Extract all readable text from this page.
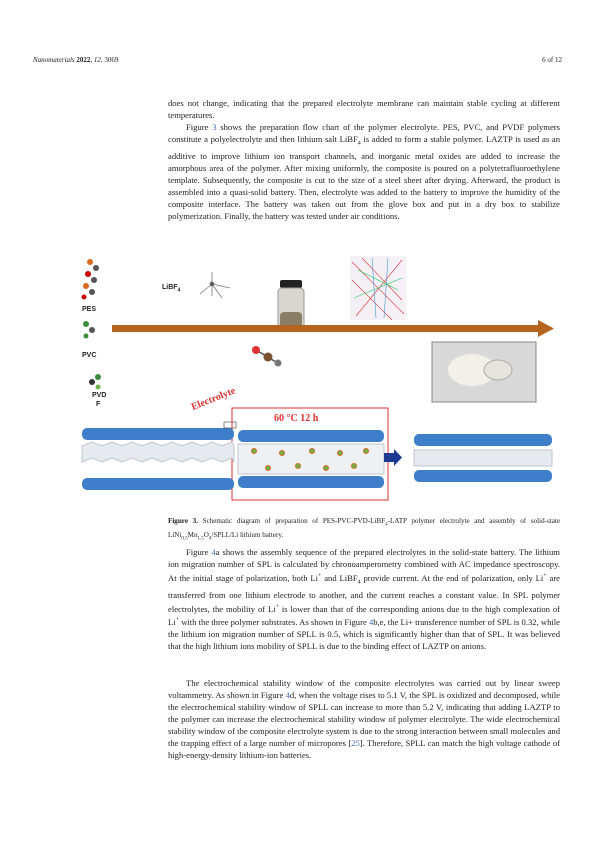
Nanomaterials 2022, 12, 3069	6 of 12

does not change, indicating that the prepared electrolyte membrane can maintain stable cycling at different temperatures.

Figure 3 shows the preparation flow chart of the polymer electrolyte. PES, PVC, and PVDF polymers constitute a polyelectrolyte and then lithium salt LiBF$_4$ is added to form a stable polymer. LAZTP is used as an additive to improve lithium ion transport channels, and inorganic metal oxides are added to increase the amorphous area of the polymer. After mixing uniformly, the composite is poured on a polytetrafluoroethylene template. Subsequently, the composite is cut to the size of a steel sheet after drying. Afterward, the product is assembled into a quasi-solid battery. Then, electrolyte was added to the battery to improve the humidity of the composite interface. The battery was taken out from the glove box and put in a dry box to stabilize polymerization. Finally, the battery was tested under air conditions.

PES
PVC
PVD
F
LiBF$_4$
Electrolyte
60 °C 12 h

Figure 3. Schematic diagram of preparation of PES-PVC-PVD-LiBF$_4$-LATP polymer electrolyte and assembly of solid-state $LiNi_{0.5}Mn_{1.5}O_4/SPLL/Li$ lithium battery.

Figure 4a shows the assembly sequence of the prepared electrolytes in the solid-state battery. The lithium ion migration number of SPL is calculated by chronoamperometry combined with AC impedance spectroscopy. At the initial stage of polarization, both Li+ and LiBF$_4$ provide current. At the end of polarization, only Li+ are transferred from one lithium electrode to another, and the current reaches a constant value. In SPL polymer electrolytes, the mobility of Li+ is lower than that of the corresponding anions due to the high complexation of Li+ with the three polymer substrates. As shown in Figure 4b,e, the Li+ transference number of SPL is 0.32, while the lithium ion migration number of SPLL is 0.5, which is significantly higher than that of SPL. It was believed that the high lithium ions mobility of SPLL is due to the binding effect of LAZTP on anions.

The electrochemical stability window of the composite electrolytes was carried out by linear sweep voltammetry. As shown in Figure 4d, when the voltage rises to 5.1 V, the SPL is oxidized and decomposed, while the electrochemical stability window of SPLL can increase to more than 5.2 V, indicating that adding LAZTP to the polymer can increase the electrochemical stability window of polymer electrolyte. The wide electrochemical stability window of the composite electrolyte system is due to the strong interaction between small molecules and the trapping effect of a large number of micropores [25]. Therefore, SPLL can match the high voltage cathode of high-energy-density lithium-ion batteries.
